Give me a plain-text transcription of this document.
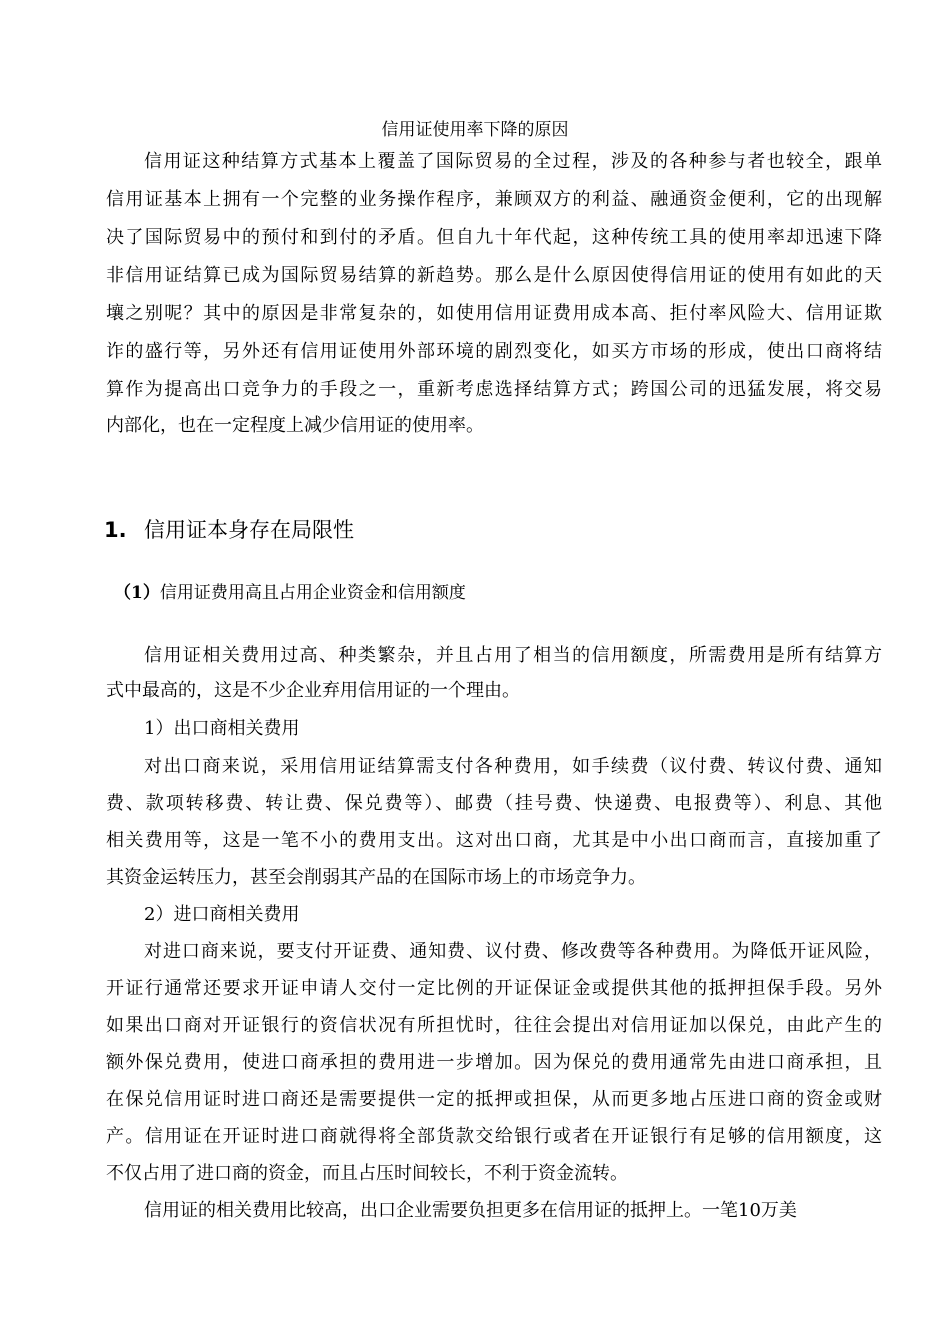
信用证使用率下降的原因
信用证这种结算方式基本上覆盖了国际贸易的全过程，涉及的各种参与者也较全，跟单
信用证基本上拥有一个完整的业务操作程序，兼顾双方的利益、融通资金便利，它的出现解
决了国际贸易中的预付和到付的矛盾。但自九十年代起，这种传统工具的使用率却迅速下降
非信用证结算已成为国际贸易结算的新趋势。那么是什么原因使得信用证的使用有如此的天
壤之别呢？其中的原因是非常复杂的，如使用信用证费用成本高、拒付率风险大、信用证欺
诈的盛行等，另外还有信用证使用外部环境的剧烈变化，如买方市场的形成，使出口商将结
算作为提高出口竞争力的手段之一，重新考虑选择结算方式；跨国公司的迅猛发展，将交易
内部化，也在一定程度上减少信用证的使用率。
1. 信用证本身存在局限性
（1）信用证费用高且占用企业资金和信用额度
信用证相关费用过高、种类繁杂，并且占用了相当的信用额度，所需费用是所有结算方
式中最高的，这是不少企业弃用信用证的一个理由。
1）出口商相关费用
对出口商来说，采用信用证结算需支付各种费用，如手续费（议付费、转议付费、通知
费、款项转移费、转让费、保兑费等）、邮费（挂号费、快递费、电报费等）、利息、其他
相关费用等，这是一笔不小的费用支出。这对出口商，尤其是中小出口商而言，直接加重了
其资金运转压力，甚至会削弱其产品的在国际市场上的市场竞争力。
2）进口商相关费用
对进口商来说，要支付开证费、通知费、议付费、修改费等各种费用。为降低开证风险，
开证行通常还要求开证申请人交付一定比例的开证保证金或提供其他的抵押担保手段。另外
如果出口商对开证银行的资信状况有所担忧时，往往会提出对信用证加以保兑，由此产生的
额外保兑费用，使进口商承担的费用进一步增加。因为保兑的费用通常先由进口商承担，且
在保兑信用证时进口商还是需要提供一定的抵押或担保，从而更多地占压进口商的资金或财
产。信用证在开证时进口商就得将全部货款交给银行或者在开证银行有足够的信用额度，这
不仅占用了进口商的资金，而且占压时间较长，不利于资金流转。
信用证的相关费用比较高，出口企业需要负担更多在信用证的抵押上。一笔10万美
